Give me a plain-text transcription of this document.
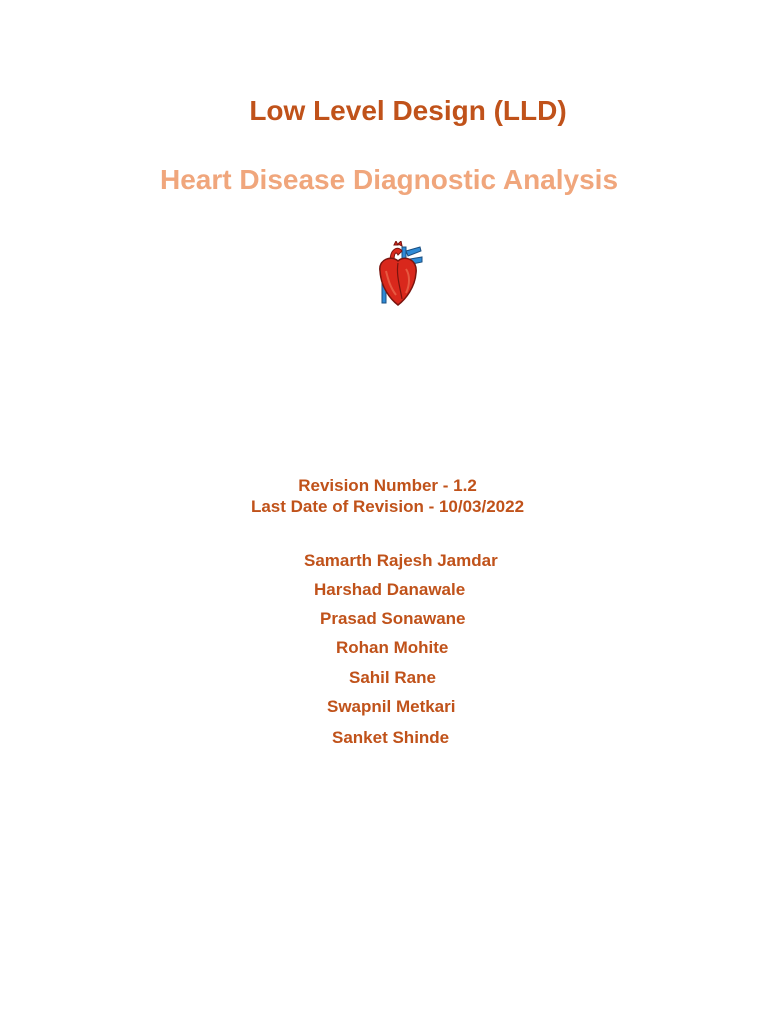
Low Level Design (LLD)
Heart Disease Diagnostic Analysis
Revision Number - 1.2
Last Date of Revision - 10/03/2022
Samarth Rajesh Jamdar
Harshad Danawale
Prasad Sonawane
Rohan Mohite
Sahil Rane
Swapnil Metkari
Sanket Shinde
